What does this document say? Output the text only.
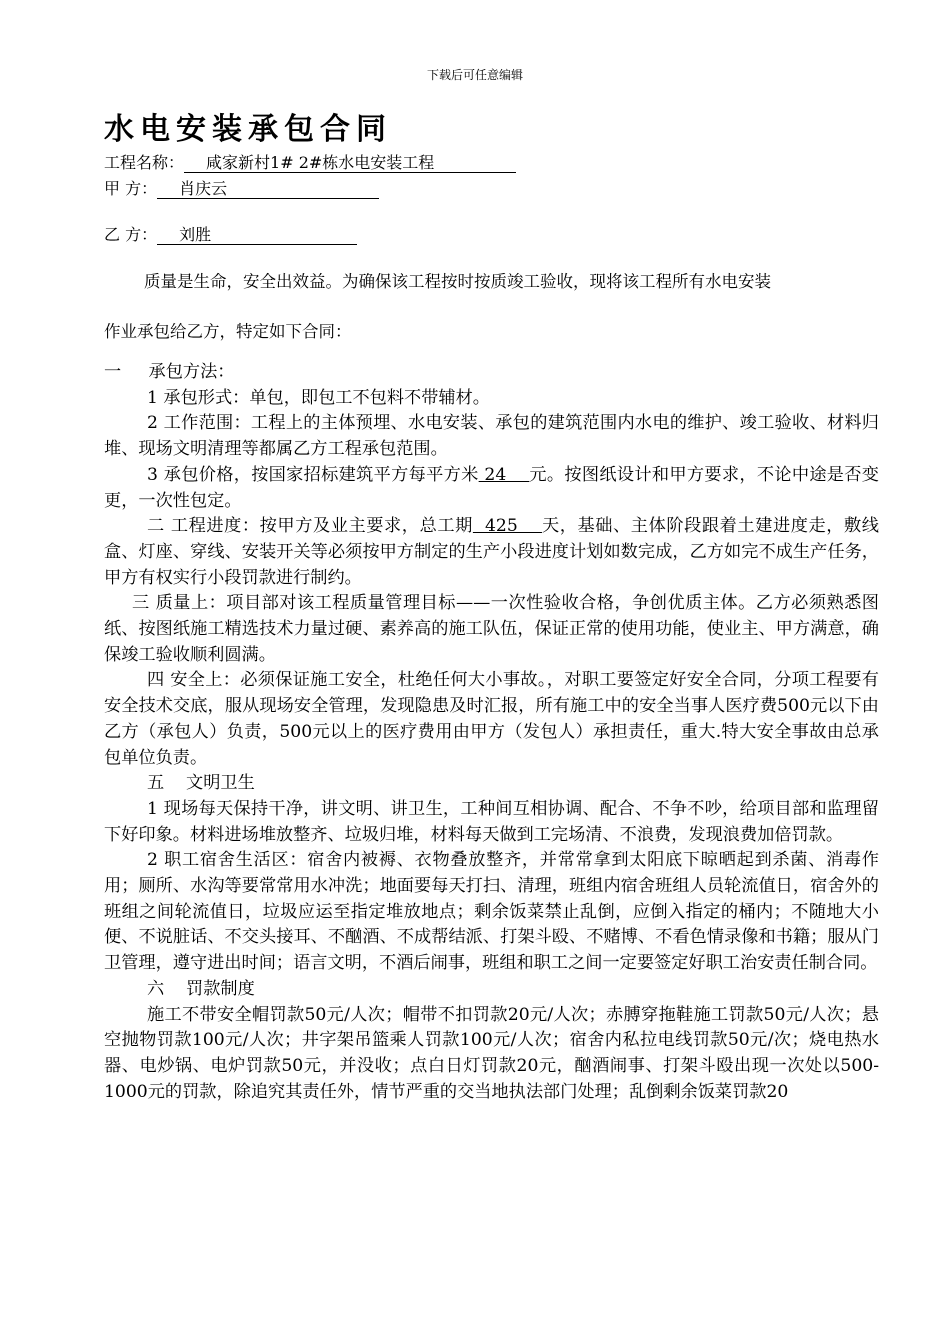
下载后可任意编辑
水电安装承包合同
工程名称： 咸家新村1# 2#栋水电安装工程
甲 方： 肖庆云
乙 方： 刘胜
质量是生命，安全出效益。为确保该工程按时按质竣工验收，现将该工程所有水电安装
作业承包给乙方，特定如下合同：

一     承包方法：

1 承包形式：单包，即包工不包料不带辅材。

2 工作范围：工程上的主体预埋、水电安装、承包的建筑范围内水电的维护、竣工验收、材料归堆、现场文明清理等都属乙方工程承包范围。

3 承包价格，按国家招标建筑平方每平方米 24    元。按图纸设计和甲方要求，不论中途是否变更，一次性包定。

二 工程进度：按甲方及业主要求，总工期  425    天，基础、主体阶段跟着土建进度走，敷线盒、灯座、穿线、安装开关等必须按甲方制定的生产小段进度计划如数完成，乙方如完不成生产任务，甲方有权实行小段罚款进行制约。

三 质量上：项目部对该工程质量管理目标——一次性验收合格，争创优质主体。乙方必须熟悉图纸、按图纸施工精选技术力量过硬、素养高的施工队伍，保证正常的使用功能，使业主、甲方满意，确保竣工验收顺利圆满。

四 安全上：必须保证施工安全，杜绝任何大小事故。，对职工要签定好安全合同，分项工程要有安全技术交底，服从现场安全管理，发现隐患及时汇报，所有施工中的安全当事人医疗费500元以下由乙方（承包人）负责，500元以上的医疗费用由甲方（发包人）承担责任，重大.特大安全事故由总承包单位负责。

五    文明卫生

1 现场每天保持干净，讲文明、讲卫生，工种间互相协调、配合、不争不吵，给项目部和监理留下好印象。材料进场堆放整齐、垃圾归堆，材料每天做到工完场清、不浪费，发现浪费加倍罚款。

2 职工宿舍生活区：宿舍内被褥、衣物叠放整齐，并常常拿到太阳底下晾晒起到杀菌、消毒作用；厕所、水沟等要常常用水冲洗；地面要每天打扫、清理，班组内宿舍班组人员轮流值日，宿舍外的班组之间轮流值日，垃圾应运至指定堆放地点；剩余饭菜禁止乱倒，应倒入指定的桶内；不随地大小便、不说脏话、不交头接耳、不酗酒、不成帮结派、打架斗殴、不赌博、不看色情录像和书籍；服从门卫管理，遵守进出时间；语言文明，不酒后闹事，班组和职工之间一定要签定好职工治安责任制合同。

六    罚款制度

施工不带安全帽罚款50元/人次；帽带不扣罚款20元/人次；赤膊穿拖鞋施工罚款50元/人次；悬空抛物罚款100元/人次；井字架吊篮乘人罚款100元/人次；宿舍内私拉电线罚款50元/次；烧电热水器、电炒锅、电炉罚款50元，并没收；点白日灯罚款20元，酗酒闹事、打架斗殴出现一次处以500-1000元的罚款，除追究其责任外，情节严重的交当地执法部门处理；乱倒剩余饭菜罚款20
